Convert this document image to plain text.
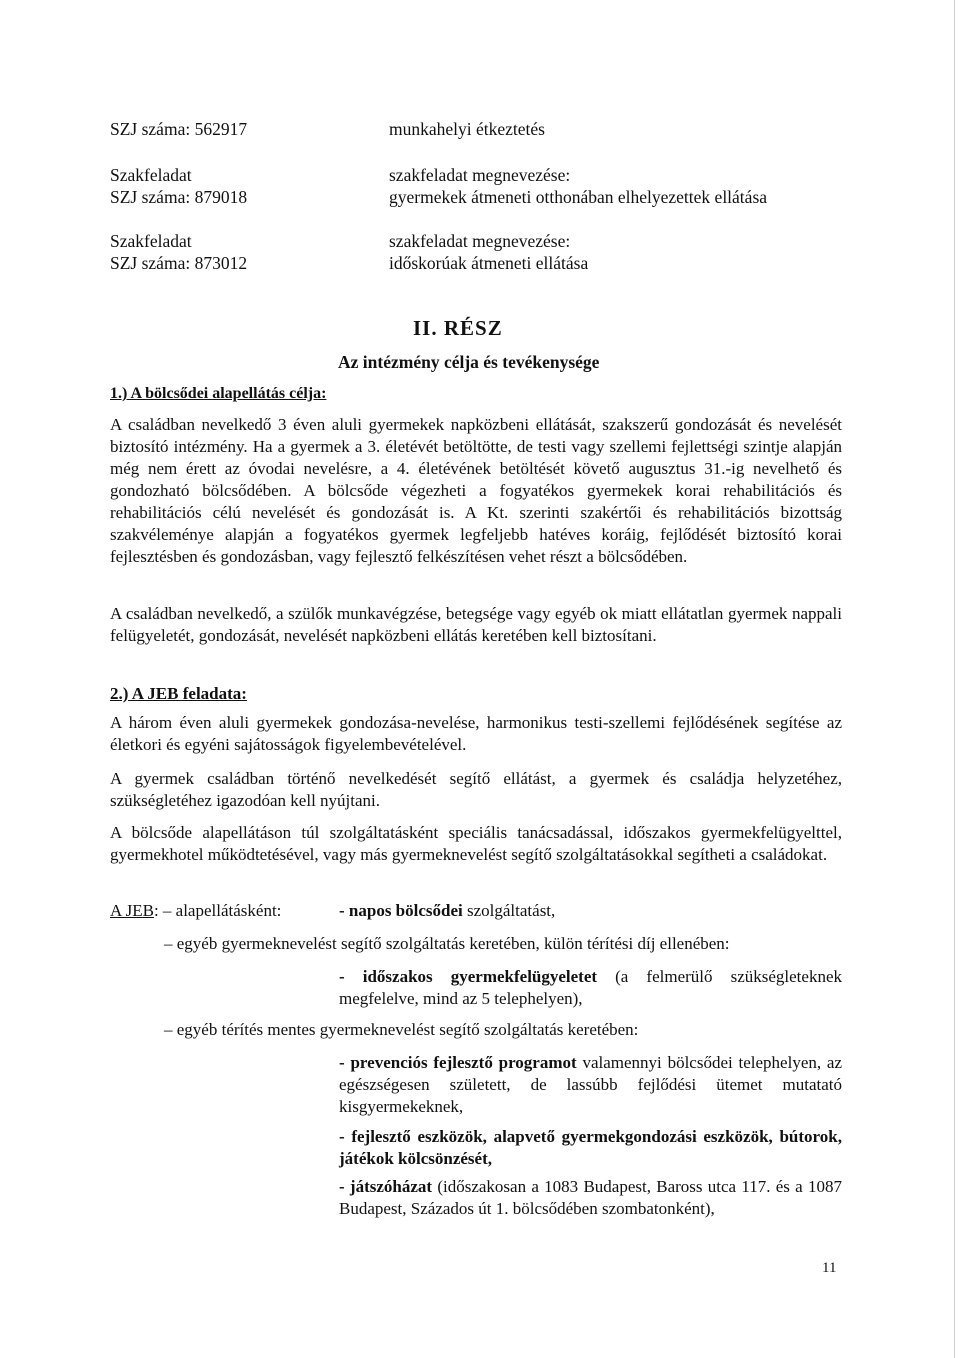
SZJ száma: 562917	munkahelyi étkeztetés

Szakfeladat

SZJ száma: 879018

szakfeladat megnevezése:

gyermekek átmeneti otthonában elhelyezettek ellátása

Szakfeladat

SZJ száma: 873012

szakfeladat megnevezése:

időskorúak átmeneti ellátása

II. RÉSZ
Az intézmény célja és tevékenysége
1.) A bölcsődei alapellátás célja:

A családban nevelkedő 3 éven aluli gyermekek napközbeni ellátását, szakszerű gondozását és nevelését biztosító intézmény. Ha a gyermek a 3. életévét betöltötte, de testi vagy szellemi fejlettségi szintje alapján még nem érett az óvodai nevelésre, a 4. életévének betöltését követő augusztus 31.-ig nevelhető és gondozható bölcsődében. A bölcsőde végezheti a fogyatékos gyermekek korai rehabilitációs és rehabilitációs célú nevelését és gondozását is. A Kt. szerinti szakértői és rehabilitációs bizottság szakvéleménye alapján a fogyatékos gyermek legfeljebb hatéves koráig, fejlődését biztosító korai fejlesztésben és gondozásban, vagy fejlesztő felkészítésen vehet részt a bölcsődében.

A családban nevelkedő, a szülők munkavégzése, betegsége vagy egyéb ok miatt ellátatlan gyermek nappali felügyeletét, gondozását, nevelését napközbeni ellátás keretében kell biztosítani.

2.) A JEB feladata:

A három éven aluli gyermekek gondozása-nevelése, harmonikus testi-szellemi fejlődésének segítése az életkori és egyéni sajátosságok figyelembevételével.

A gyermek családban történő nevelkedését segítő ellátást, a gyermek és családja helyzetéhez, szükségletéhez igazodóan kell nyújtani.

A bölcsőde alapellátáson túl szolgáltatásként speciális tanácsadással, időszakos gyermekfelügyelttel, gyermekhotel működtetésével, vagy más gyermeknevelést segítő szolgáltatásokkal segítheti a családokat.

A JEB: – alapellátásként:	- napos bölcsődei szolgáltatást,
– egyéb gyermeknevelést segítő szolgáltatás keretében, külön térítési díj ellenében:

- időszakos gyermekfelügyeletet (a felmerülő szükségleteknek megfelelve, mind az 5 telephelyen),

– egyéb térítés mentes gyermeknevelést segítő szolgáltatás keretében:

- prevenciós fejlesztő programot valamennyi bölcsődei telephelyen, az egészségesen született, de lassúbb fejlődési ütemet mutatató kisgyermekeknek,

- fejlesztő eszközök, alapvető gyermekgondozási eszközök, bútorok, játékok kölcsönzését,

- játszóházat (időszakosan a 1083 Budapest, Baross utca 117. és a 1087 Budapest, Százados út 1. bölcsődében szombatonként),

11
